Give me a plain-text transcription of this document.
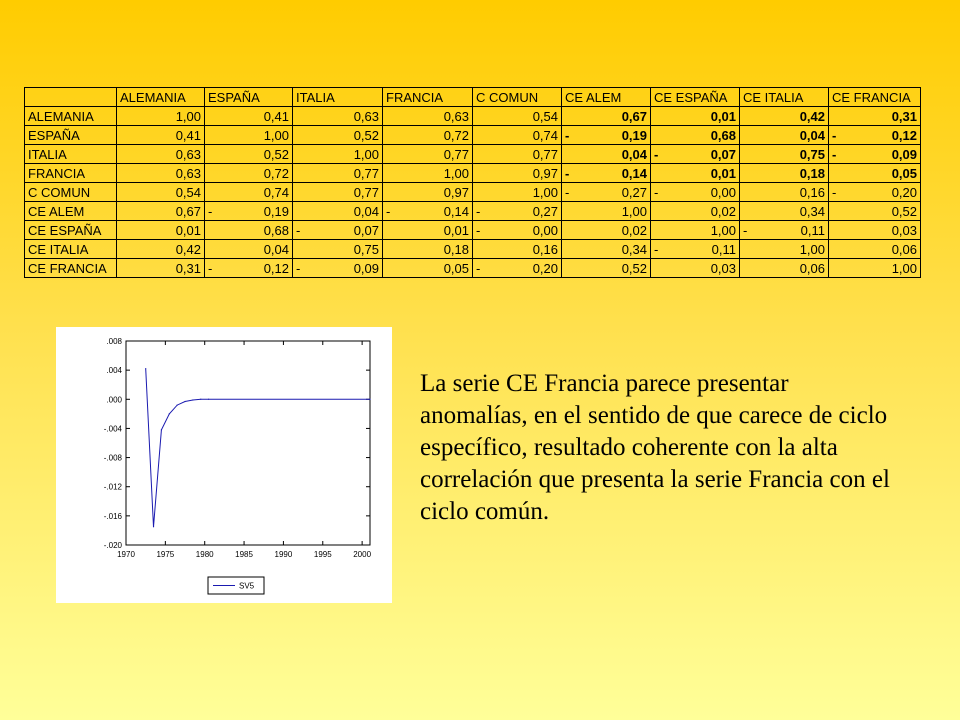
	ALEMANIA	ESPAÑA	ITALIA	FRANCIA	C COMUN	CE ALEM	CE ESPAÑA	CE ITALIA	CE FRANCIA
ALEMANIA	1,00	0,41	0,63	0,63	0,54	0,67	0,01	0,42	0,31
ESPAÑA	0,41	1,00	0,52	0,72	0,74	- 0,19	0,68	0,04	- 0,12
ITALIA	0,63	0,52	1,00	0,77	0,77	0,04	- 0,07	0,75	- 0,09
FRANCIA	0,63	0,72	0,77	1,00	0,97	- 0,14	0,01	0,18	0,05
C COMUN	0,54	0,74	0,77	0,97	1,00	- 0,27	- 0,00	0,16	- 0,20
CE ALEM	0,67	- 0,19	0,04	- 0,14	- 0,27	1,00	0,02	0,34	0,52
CE ESPAÑA	0,01	0,68	- 0,07	0,01	- 0,00	0,02	1,00	- 0,11	0,03
CE ITALIA	0,42	0,04	0,75	0,18	0,16	0,34	- 0,11	1,00	0,06
CE FRANCIA	0,31	- 0,12	- 0,09	0,05	- 0,20	0,52	0,03	0,06	1,00
.008
.004
.000
-.004
-.008
-.012
-.016
-.020
1970	1975	1980	1985	1990	1995	2000
SV5

La serie CE Francia parece presentar anomalías, en el sentido de que carece de ciclo específico, resultado coherente con la alta correlación que presenta la serie Francia con el ciclo común.
